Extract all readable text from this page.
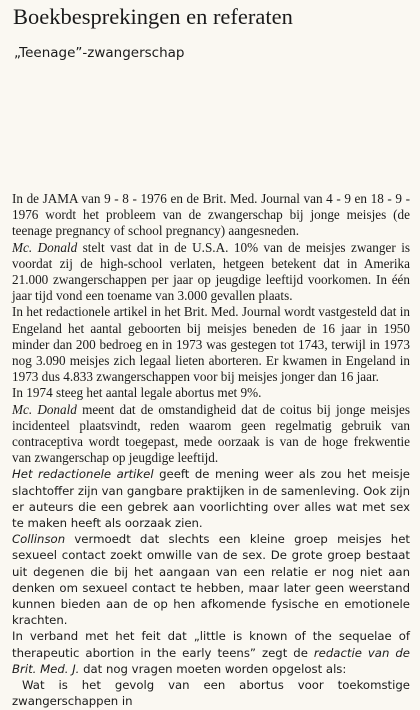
Boekbesprekingen en referaten
„Teenage”-zwangerschap

In de JAMA van 9 - 8 - 1976 en de Brit. Med. Journal van 4 - 9 en 18 - 9 - 1976 wordt het probleem van de zwangerschap bij jonge meisjes (de teenage pregnancy of school pregnancy) aangesneden.

Mc. Donald stelt vast dat in de U.S.A. 10% van de meisjes zwanger is voordat zij de high-school verlaten, hetgeen betekent dat in Amerika 21.000 zwangerschappen per jaar op jeugdige leeftijd voorkomen. In één jaar tijd vond een toename van 3.000 gevallen plaats.

In het redactionele artikel in het Brit. Med. Journal wordt vastgesteld dat in Engeland het aantal geboorten bij meisjes beneden de 16 jaar in 1950 minder dan 200 bedroeg en in 1973 was gestegen tot 1743, terwijl in 1973 nog 3.090 meisjes zich legaal lieten aborteren. Er kwamen in Engeland in 1973 dus 4.833 zwangerschappen voor bij meisjes jonger dan 16 jaar.

In 1974 steeg het aantal legale abortus met 9%.

Mc. Donald meent dat de omstandigheid dat de coitus bij jonge meisjes incidenteel plaatsvindt, reden waarom geen regelmatig gebruik van contraceptiva wordt toegepast, mede oorzaak is van de hoge frekwentie van zwangerschap op jeugdige leeftijd.

Het redactionele artikel geeft de mening weer als zou het meisje slachtoffer zijn van gangbare praktijken in de samenleving. Ook zijn er auteurs die een gebrek aan voorlichting over alles wat met sex te maken heeft als oorzaak zien.

Collinson vermoedt dat slechts een kleine groep meisjes het sexueel contact zoekt omwille van de sex. De grote groep bestaat uit degenen die bij het aangaan van een relatie er nog niet aan denken om sexueel contact te hebben, maar later geen weerstand kunnen bieden aan de op hen afkomende fysische en emotionele krachten.

In verband met het feit dat „little is known of the sequelae of therapeutic abortion in the early teens” zegt de redactie van de Brit. Med. J. dat nog vragen moeten worden opgelost als:

Wat is het gevolg van een abortus voor toekomstige zwangerschappen in
